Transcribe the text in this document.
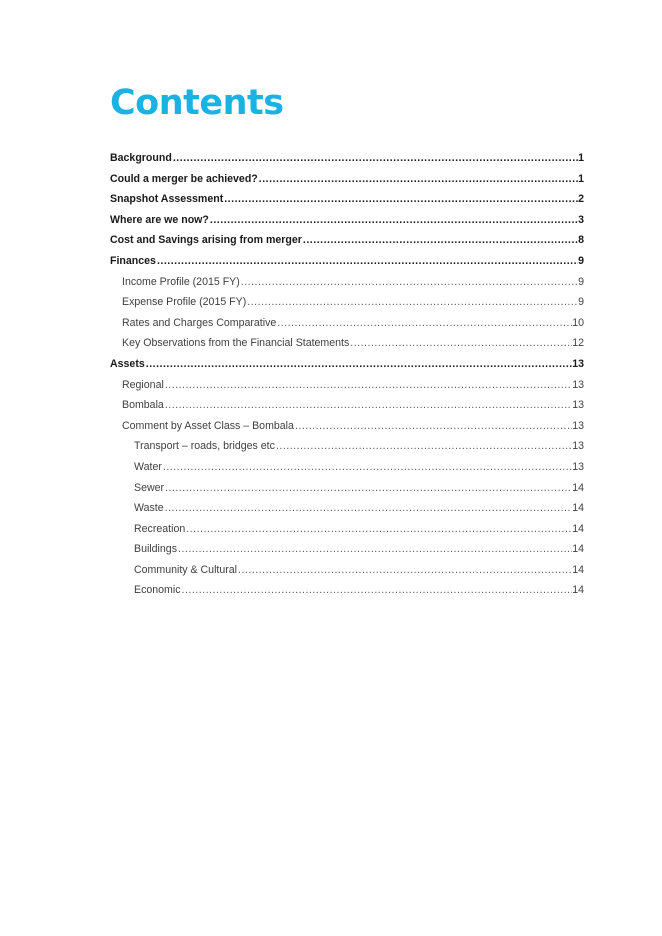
Contents
Background .....	1
Could a merger be achieved? .....	1
Snapshot Assessment .....	2
Where are we now? .....	3
Cost and Savings arising from merger .....	8
Finances .....	9
Income Profile (2015 FY) .....	9
Expense Profile (2015 FY) .....	9
Rates and Charges Comparative .....	10
Key Observations from the Financial Statements .....	12
Assets .....	13
Regional .....	13
Bombala .....	13
Comment by Asset Class – Bombala .....	13
Transport – roads, bridges etc .....	13
Water .....	13
Sewer .....	14
Waste .....	14
Recreation .....	14
Buildings .....	14
Community & Cultural .....	14
Economic .....	14
